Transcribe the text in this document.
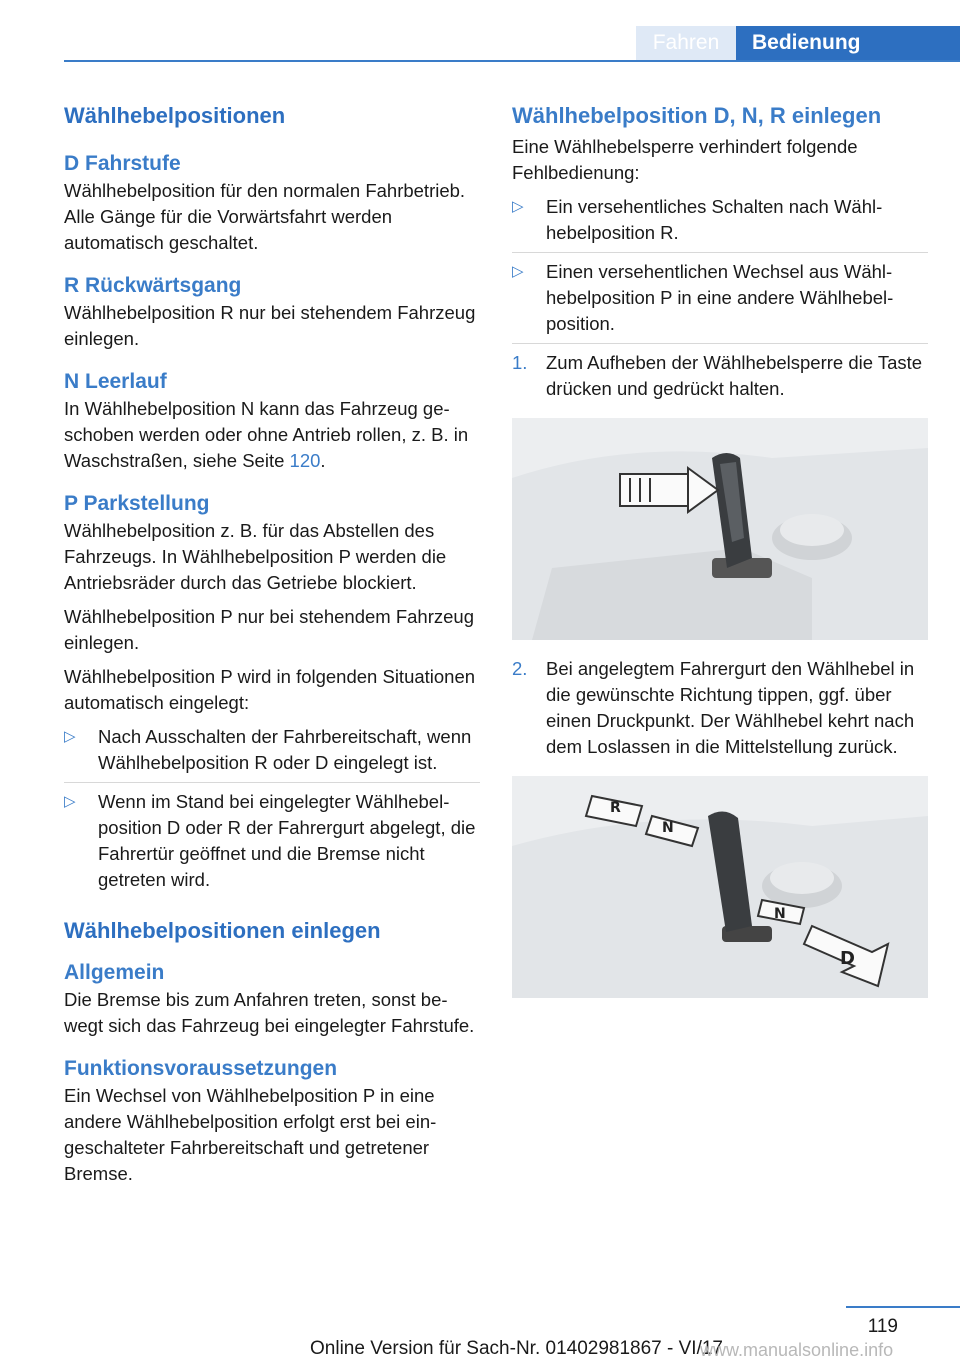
Fahren	Bedienung
Wählhebelpositionen
D Fahrstufe

Wählhebelposition für den normalen Fahrbetrieb. Alle Gänge für die Vorwärtsfahrt werden automatisch geschaltet.

R Rückwärtsgang

Wählhebelposition R nur bei stehendem Fahrzeug einlegen.

N Leerlauf

In Wählhebelposition N kann das Fahrzeug geschoben werden oder ohne Antrieb rollen, z. B. in Waschstraßen, siehe Seite 120.

P Parkstellung

Wählhebelposition z. B. für das Abstellen des Fahrzeugs. In Wählhebelposition P werden die Antriebsräder durch das Getriebe blockiert.

Wählhebelposition P nur bei stehendem Fahrzeug einlegen.

Wählhebelposition P wird in folgenden Situationen automatisch eingelegt:

▷ Nach Ausschalten der Fahrbereitschaft, wenn Wählhebelposition R oder D eingelegt ist.
▷ Wenn im Stand bei eingelegter Wählhebelposition D oder R der Fahrergurt abgelegt, die Fahrertür geöffnet und die Bremse nicht getreten wird.
Wählhebelpositionen einlegen
Allgemein

Die Bremse bis zum Anfahren treten, sonst bewegt sich das Fahrzeug bei eingelegter Fahrstufe.

Funktionsvoraussetzungen

Ein Wechsel von Wählhebelposition P in eine andere Wählhebelposition erfolgt erst bei eingeschalteter Fahrbereitschaft und getretener Bremse.

Wählhebelposition D, N, R einlegen

Eine Wählhebelsperre verhindert folgende Fehlbedienung:

▷ Ein versehentliches Schalten nach Wählhebelposition R.
▷ Einen versehentlichen Wechsel aus Wählhebelposition P in eine andere Wählhebelposition.
1. Zum Aufheben der Wählhebelsperre die Taste drücken und gedrückt halten.
2. Bei angelegtem Fahrergurt den Wählhebel in die gewünschte Richtung tippen, ggf. über einen Druckpunkt. Der Wählhebel kehrt nach dem Loslassen in die Mittelstellung zurück.
R
N
N
D
119
Online Version für Sach-Nr. 01402981867 - VI/17
www.manualsonline.info
